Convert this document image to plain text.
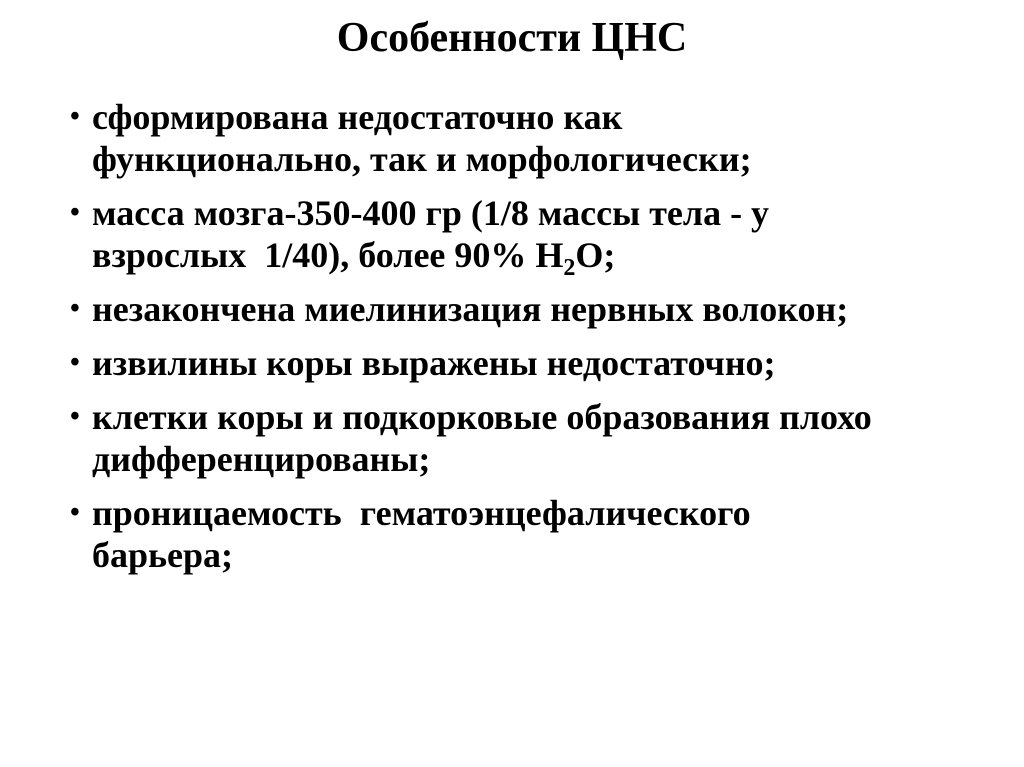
Особенности ЦНС
• сформирована недостаточно как
функционально, так и морфологически;
• масса мозга-350-400 гр (1/8 массы тела - у
взрослых  1/40), более 90% $Н_2О$;
• незакончена миелинизация нервных волокон;
• извилины коры выражены недостаточно;
• клетки коры и подкорковые образования плохо
дифференцированы;
• проницаемость  гематоэнцефалического
барьера;
